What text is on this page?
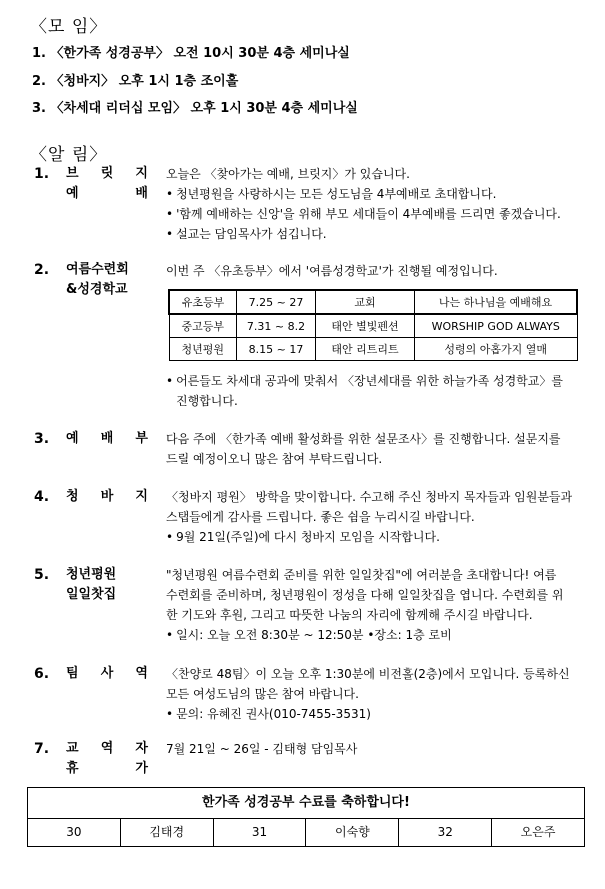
〈모 임〉
1. 〈한가족 성경공부〉 오전 10시 30분 4층 세미나실
2. 〈청바지〉 오후 1시 1층 조이홀
3. 〈차세대 리더십 모임〉 오후 1시 30분 4층 세미나실
〈알 림〉
1. 브 릿 지
예 배

오늘은 〈찾아가는 예배, 브릿지〉가 있습니다.

• 청년평원을 사랑하시는 모든 성도님을 4부예배로 초대합니다.

• '함께 예배하는 신앙'을 위해 부모 세대들이 4부예배를 드리면 좋겠습니다.

• 설교는 담임목사가 섬깁니다.

2. 여름수련회
&성경학교
이번 주 〈유초등부〉에서 '여름성경학교'가 진행될 예정입니다.
유초등부	7.25 ~ 27	교회	나는 하나님을 예배해요
중고등부	7.31 ~ 8.2	태안 별빛펜션	WORSHIP GOD ALWAYS
청년평원	8.15 ~ 17	태안 리트리트	성령의 아홉가지 열매

• 어른들도 차세대 공과에 맞춰서 〈장년세대를 위한 하늘가족 성경학교〉를

진행합니다.

3. 예 배 부 다음 주에 〈한가족 예배 활성화를 위한 설문조사〉를 진행합니다. 설문지를

드릴 예정이오니 많은 참여 부탁드립니다.

4. 청 바 지 〈청바지 평원〉 방학을 맞이합니다. 수고해 주신 청바지 목자들과 임원분들과

스탭들에게 감사를 드립니다. 좋은 쉼을 누리시길 바랍니다.

• 9월 21일(주일)에 다시 청바지 모임을 시작합니다.

5. 청년평원
일일찻집

"청년평원 여름수련회 준비를 위한 일일찻집"에 여러분을 초대합니다! 여름

수련회를 준비하며, 청년평원이 정성을 다해 일일찻집을 엽니다. 수련회를 위

한 기도와 후원, 그리고 따뜻한 나눔의 자리에 함께해 주시길 바랍니다.

• 일시: 오늘 오전 8:30분 ~ 12:50분 •장소: 1층 로비

6. 팀 사 역 〈찬양로 48팀〉이 오늘 오후 1:30분에 비전홀(2층)에서 모입니다. 등록하신

모든 여성도님의 많은 참여 바랍니다.

• 문의: 유혜진 권사(010-7455-3531)

7. 교 역 자
휴 가

7월 21일 ~ 26일 - 김태형 담임목사

한가족 성경공부 수료를 축하합니다!
30	김태경	31	이숙향	32	오은주
